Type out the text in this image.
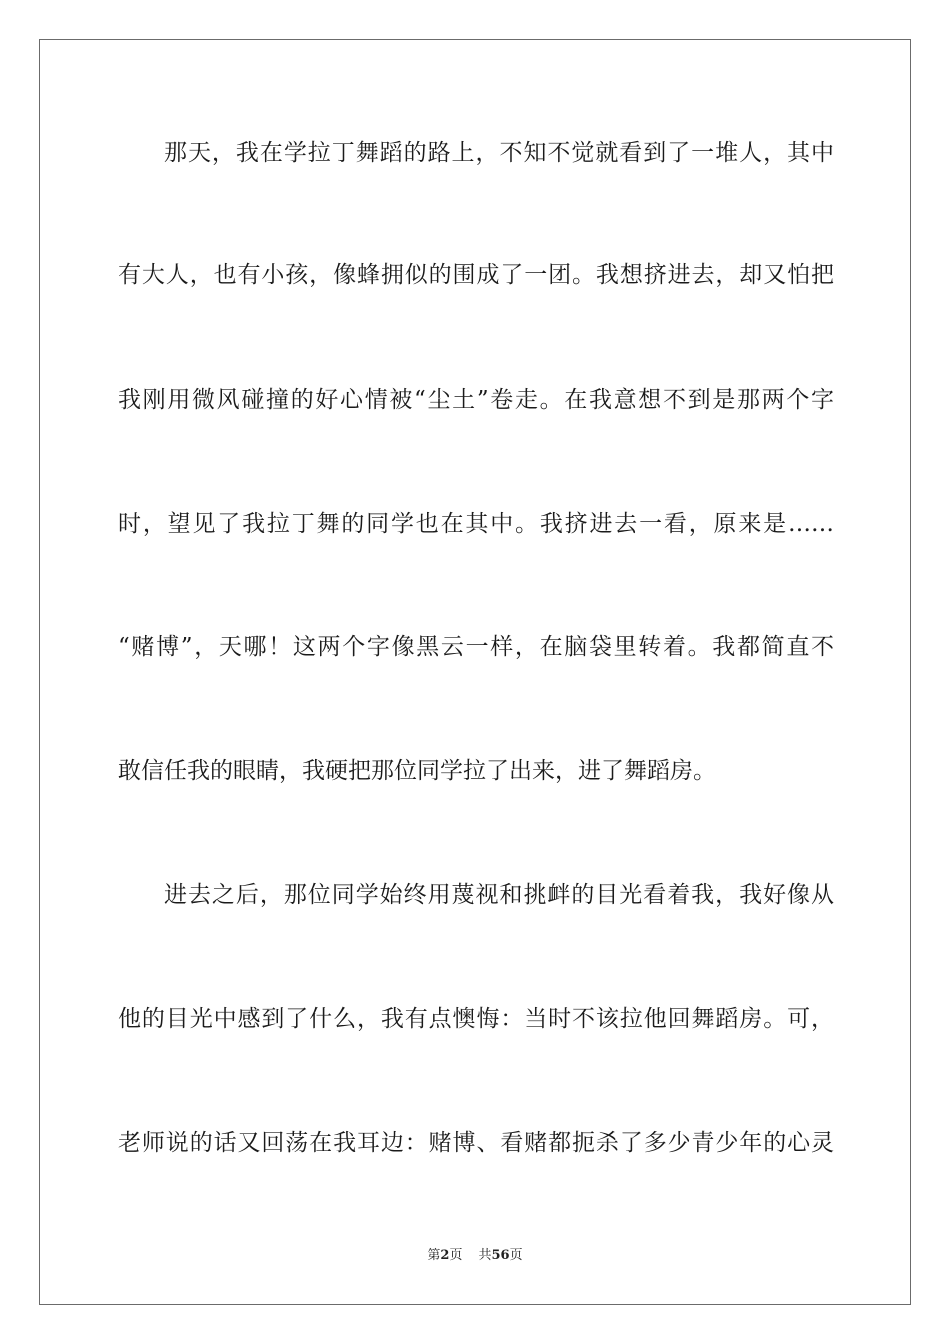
那天，我在学拉丁舞蹈的路上，不知不觉就看到了一堆人，其中
有大人，也有小孩，像蜂拥似的围成了一团。我想挤进去，却又怕把
我刚用微风碰撞的好心情被“尘土”卷走。在我意想不到是那两个字
时，望见了我拉丁舞的同学也在其中。我挤进去一看，原来是……
“赌博”，天哪！这两个字像黑云一样，在脑袋里转着。我都简直不
敢信任我的眼睛，我硬把那位同学拉了出来，进了舞蹈房。
进去之后，那位同学始终用蔑视和挑衅的目光看着我，我好像从
他的目光中感到了什么，我有点懊悔：当时不该拉他回舞蹈房。可，
老师说的话又回荡在我耳边：赌博、看赌都扼杀了多少青少年的心灵
第2页 共56页
